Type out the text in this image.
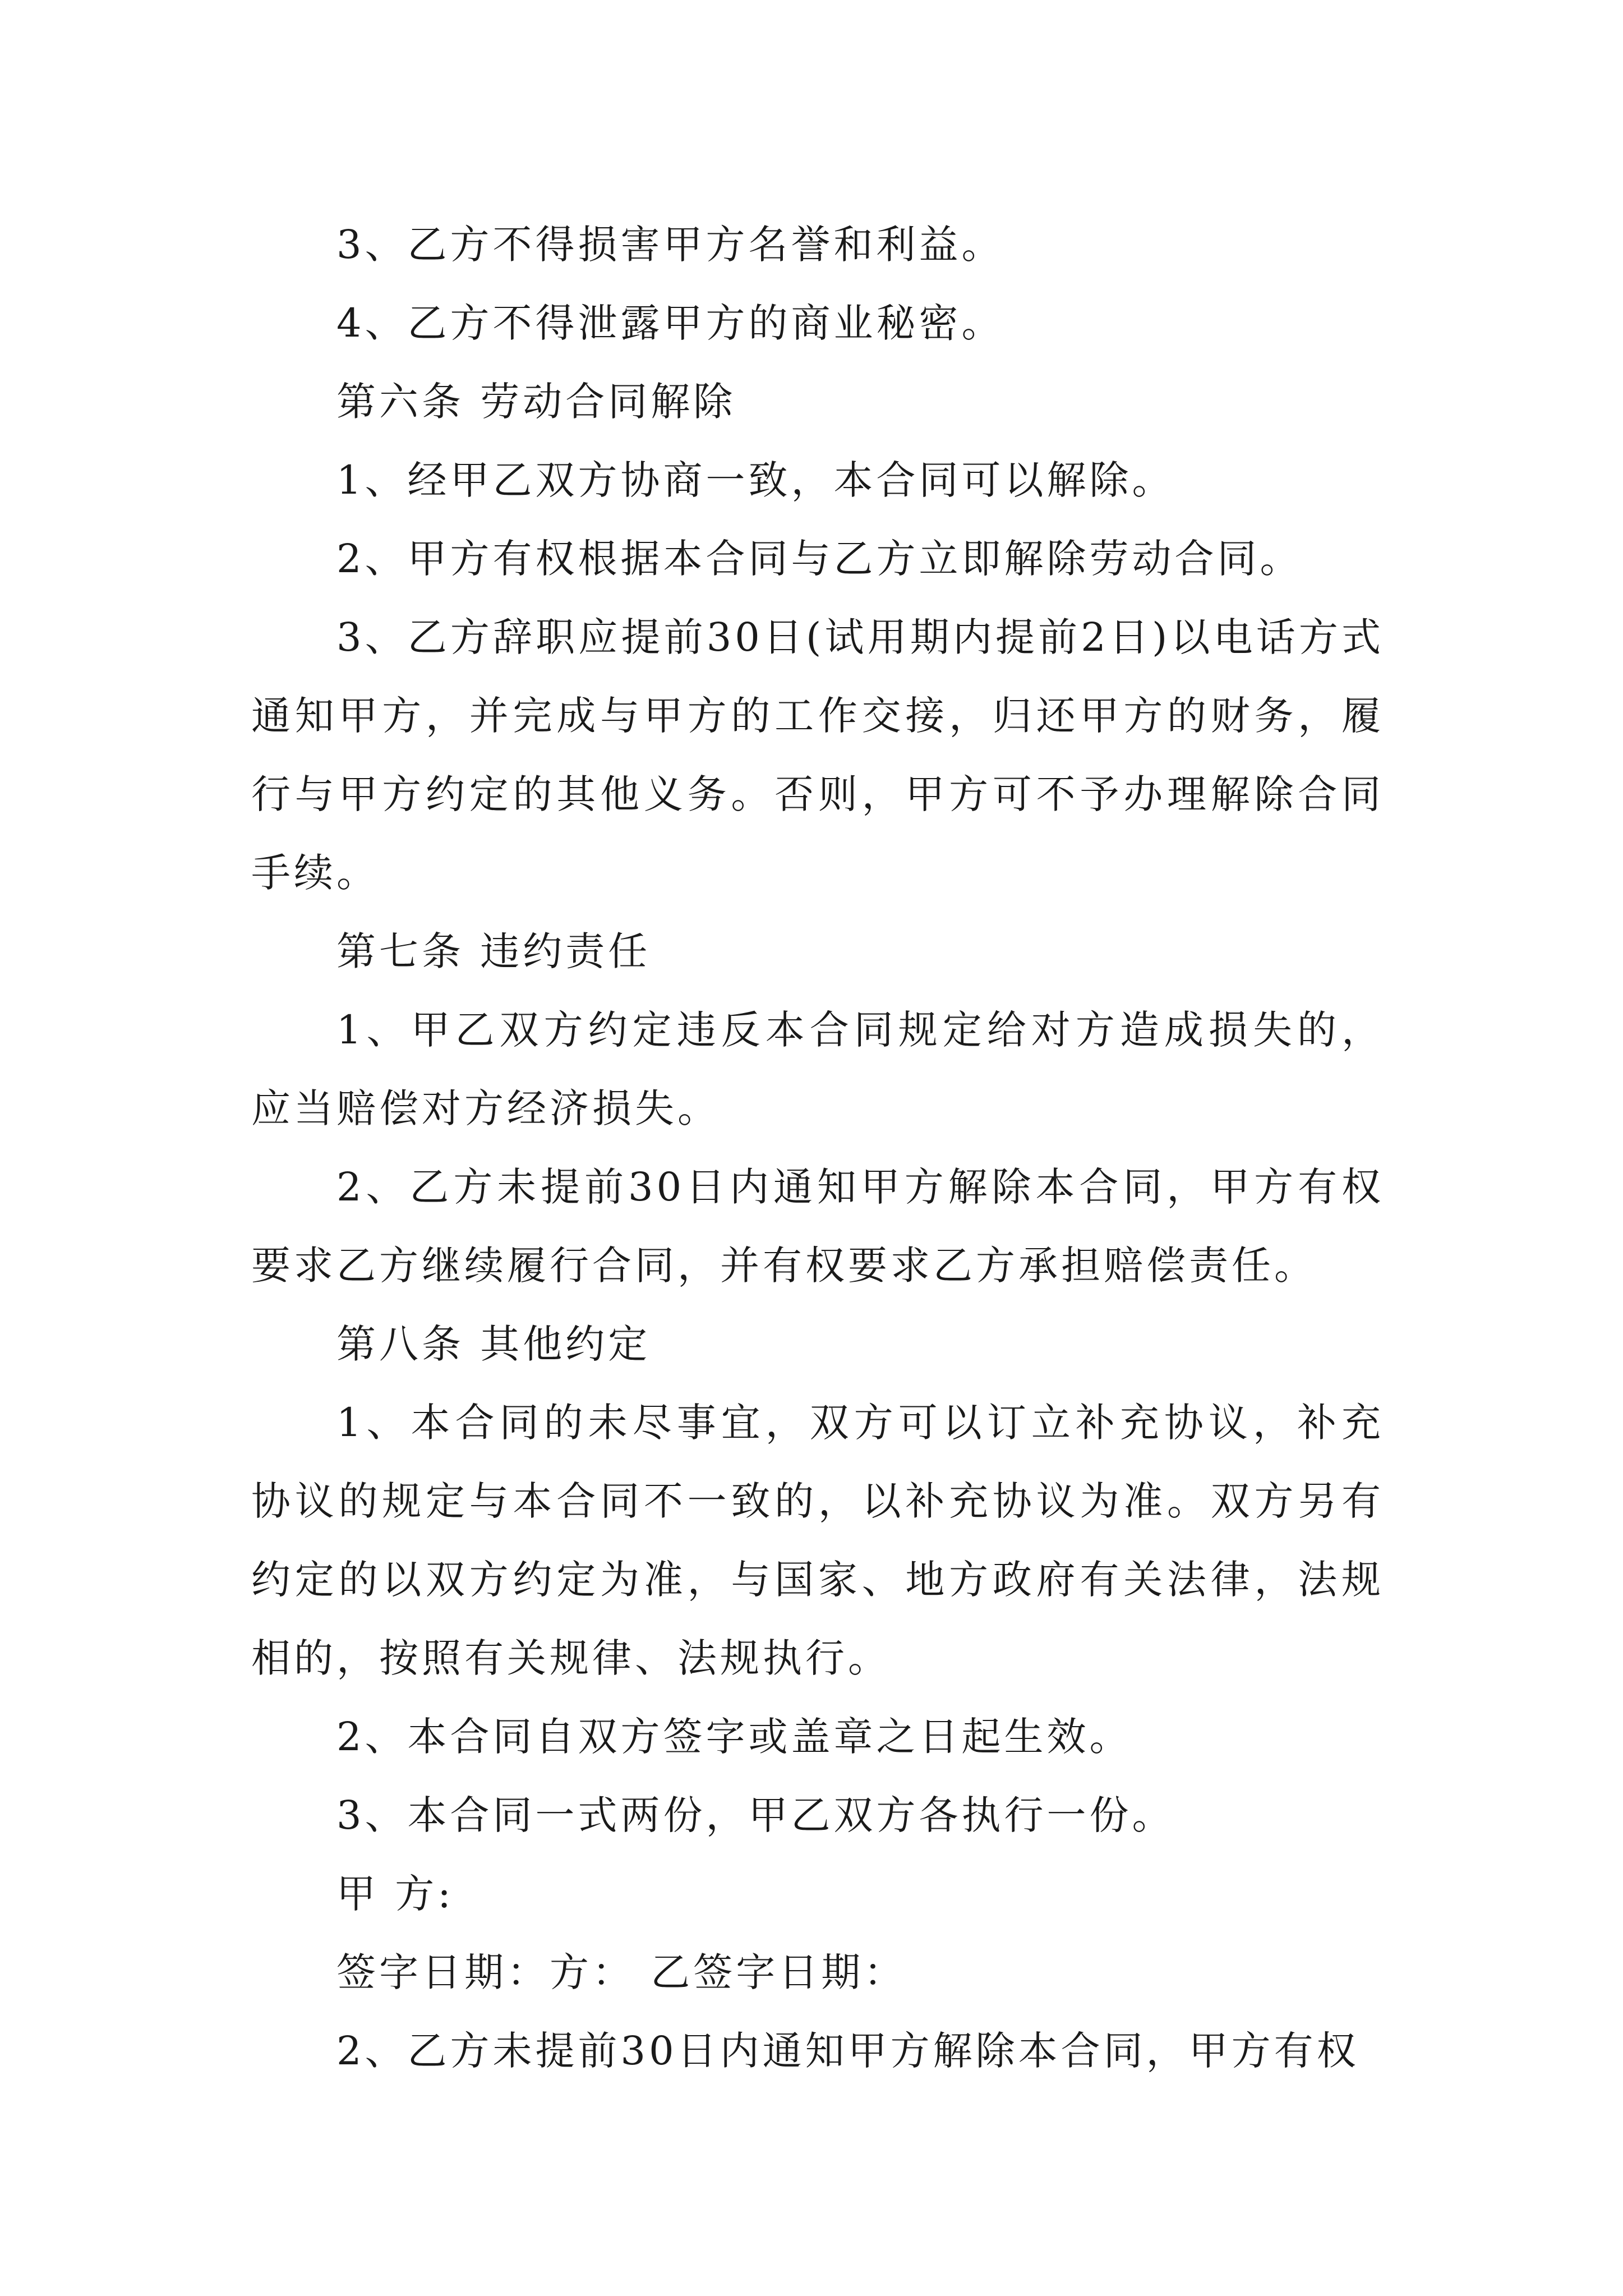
3、乙方不得损害甲方名誉和利益。

4、乙方不得泄露甲方的商业秘密。

第六条 劳动合同解除

1、经甲乙双方协商一致，本合同可以解除。

2、甲方有权根据本合同与乙方立即解除劳动合同。

3、乙方辞职应提前30日(试用期内提前2日)以电话方式通知甲方，并完成与甲方的工作交接，归还甲方的财务，履行与甲方约定的其他义务。否则，甲方可不予办理解除合同手续。

第七条 违约责任

1、甲乙双方约定违反本合同规定给对方造成损失的，应当赔偿对方经济损失。

2、乙方未提前30日内通知甲方解除本合同，甲方有权要求乙方继续履行合同，并有权要求乙方承担赔偿责任。

第八条 其他约定

1、本合同的未尽事宜，双方可以订立补充协议，补充协议的规定与本合同不一致的，以补充协议为准。双方另有约定的以双方约定为准，与国家、地方政府有关法律，法规相的，按照有关规律、法规执行。

2、本合同自双方签字或盖章之日起生效。

3、本合同一式两份，甲乙双方各执行一份。

甲 方:

签字日期：方： 乙签字日期：

2、乙方未提前30日内通知甲方解除本合同，甲方有权
